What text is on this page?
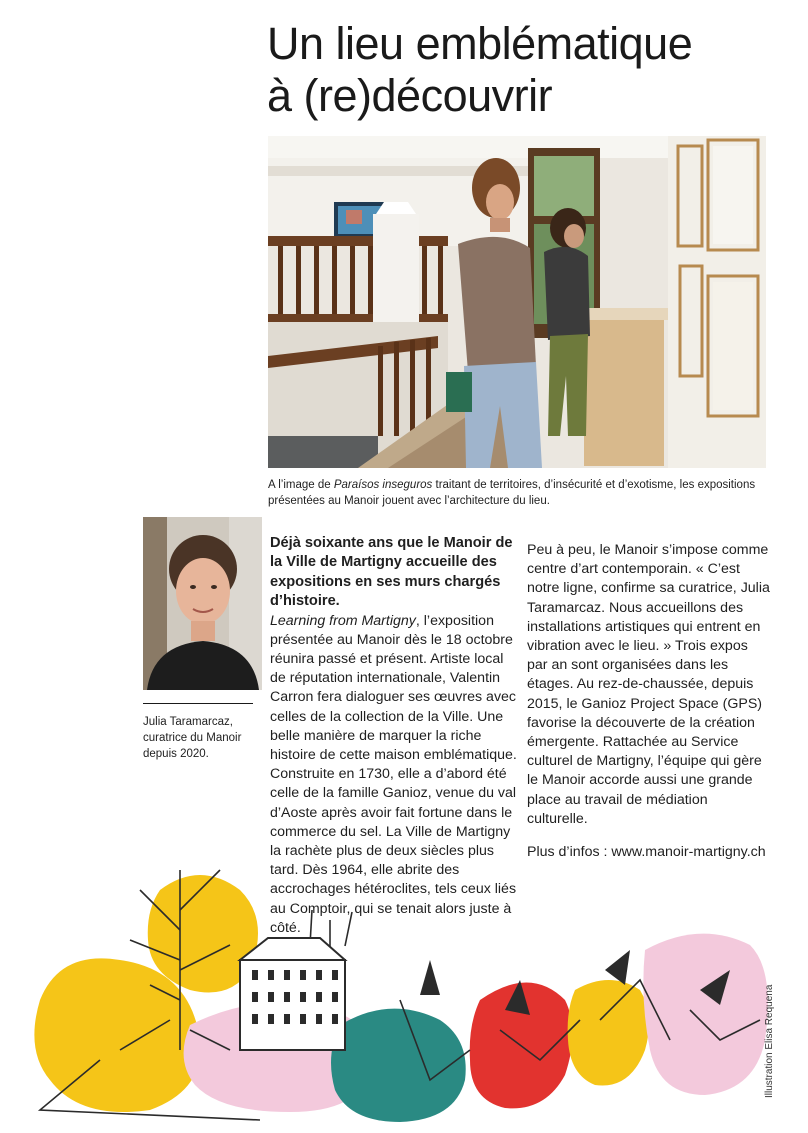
Un lieu emblématique
à (re)découvrir
A l’image de Paraísos inseguros traitant de territoires, d’insécurité et d’exotisme, les expositions présentées au Manoir jouent avec l’architecture du lieu.
Julia Taramarcaz, curatrice du Manoir depuis 2020.

Déjà soixante ans que le Manoir de la Ville de Martigny accueille des expositions en ses murs chargés d’histoire.

Learning from Martigny, l’exposition présentée au Manoir dès le 18 octobre réunira passé et présent. Artiste local de réputation internationale, Valentin Carron fera dialoguer ses œuvres avec celles de la collection de la Ville. Une belle manière de marquer la riche histoire de cette maison emblématique. Construite en 1730, elle a d’abord été celle de la famille Ganioz, venue du val d’Aoste après avoir fait fortune dans le commerce du sel. La Ville de Martigny la rachète plus de deux siècles plus tard. Dès 1964, elle abrite des accrochages hétéroclites, tels ceux liés au Comptoir, qui se tenait alors juste à côté.

Peu à peu, le Manoir s’impose comme centre d’art contemporain. « C’est notre ligne, confirme sa curatrice, Julia Taramarcaz. Nous accueillons des installations artistiques qui entrent en vibration avec le lieu. » Trois expos par an sont organisées dans les étages. Au rez-de-chaussée, depuis 2015, le Ganioz Project Space (GPS) favorise la découverte de la création émergente. Rattachée au Service culturel de Martigny, l’équipe qui gère le Manoir accorde aussi une grande place au travail de médiation culturelle.

Plus d’infos : www.manoir-martigny.ch

Illustration Elisa Requena
